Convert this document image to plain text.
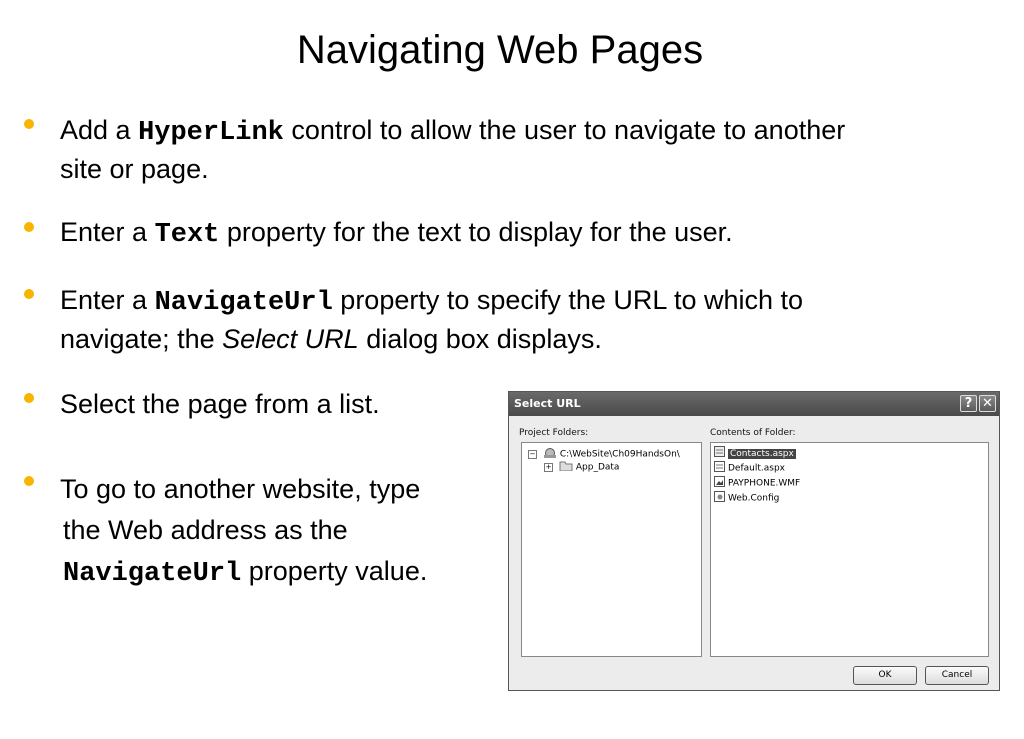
Navigating Web Pages
Add a HyperLink control to allow the user to navigate to another
site or page.
Enter a Text property for the text to display for the user.
Enter a NavigateUrl property to specify the URL to which to
navigate; the Select URL dialog box displays.
Select the page from a list.
To go to another website, type
the Web address as the
NavigateUrl property value.
Select URL	? ✕
Project Folders:	Contents of Folder:
−	C:\WebSite\Ch09HandsOn\
+	App_Data
Contacts.aspx
Default.aspx
PAYPHONE.WMF
Web.Config
OK	Cancel
